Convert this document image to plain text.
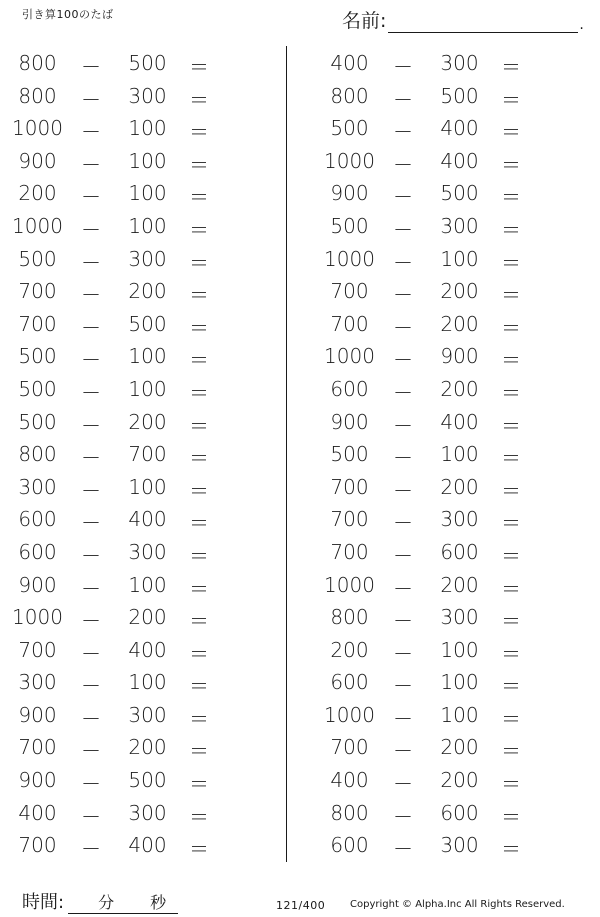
引き算100のたば	名前:	.
800	－	500	＝
800	－	300	＝
1000 －	100	＝
900	－	100	＝
200	－	100	＝
1000 －	100	＝
500	－	300	＝
700	－	200	＝
700	－	500	＝
500	－	100	＝
500	－	100	＝
500	－	200	＝
800	－	700	＝
300	－	100	＝
600	－	400	＝
600	－	300	＝
900	－	100	＝
1000 －	200	＝
700	－	400	＝
300	－	100	＝
900	－	300	＝
700	－	200	＝
900	－	500	＝
400	－	300	＝
700	－	400	＝
400	－	300	＝
800	－	500	＝
500	－	400	＝
1000 －	400	＝
900	－	500	＝
500	－	300	＝
1000 －	100	＝
700	－	200	＝
700	－	200	＝
1000 －	900	＝
600	－	200	＝
900	－	400	＝
500	－	100	＝
700	－	200	＝
700	－	300	＝
700	－	600	＝
1000 －	200	＝
800	－	300	＝
200	－	100	＝
600	－	100	＝
1000 －	100	＝
700	－	200	＝
400	－	200	＝
800	－	600	＝
600	－	300	＝
時間: 分 秒	121/400 Copyright © Alpha.Inc All Rights Reserved.
